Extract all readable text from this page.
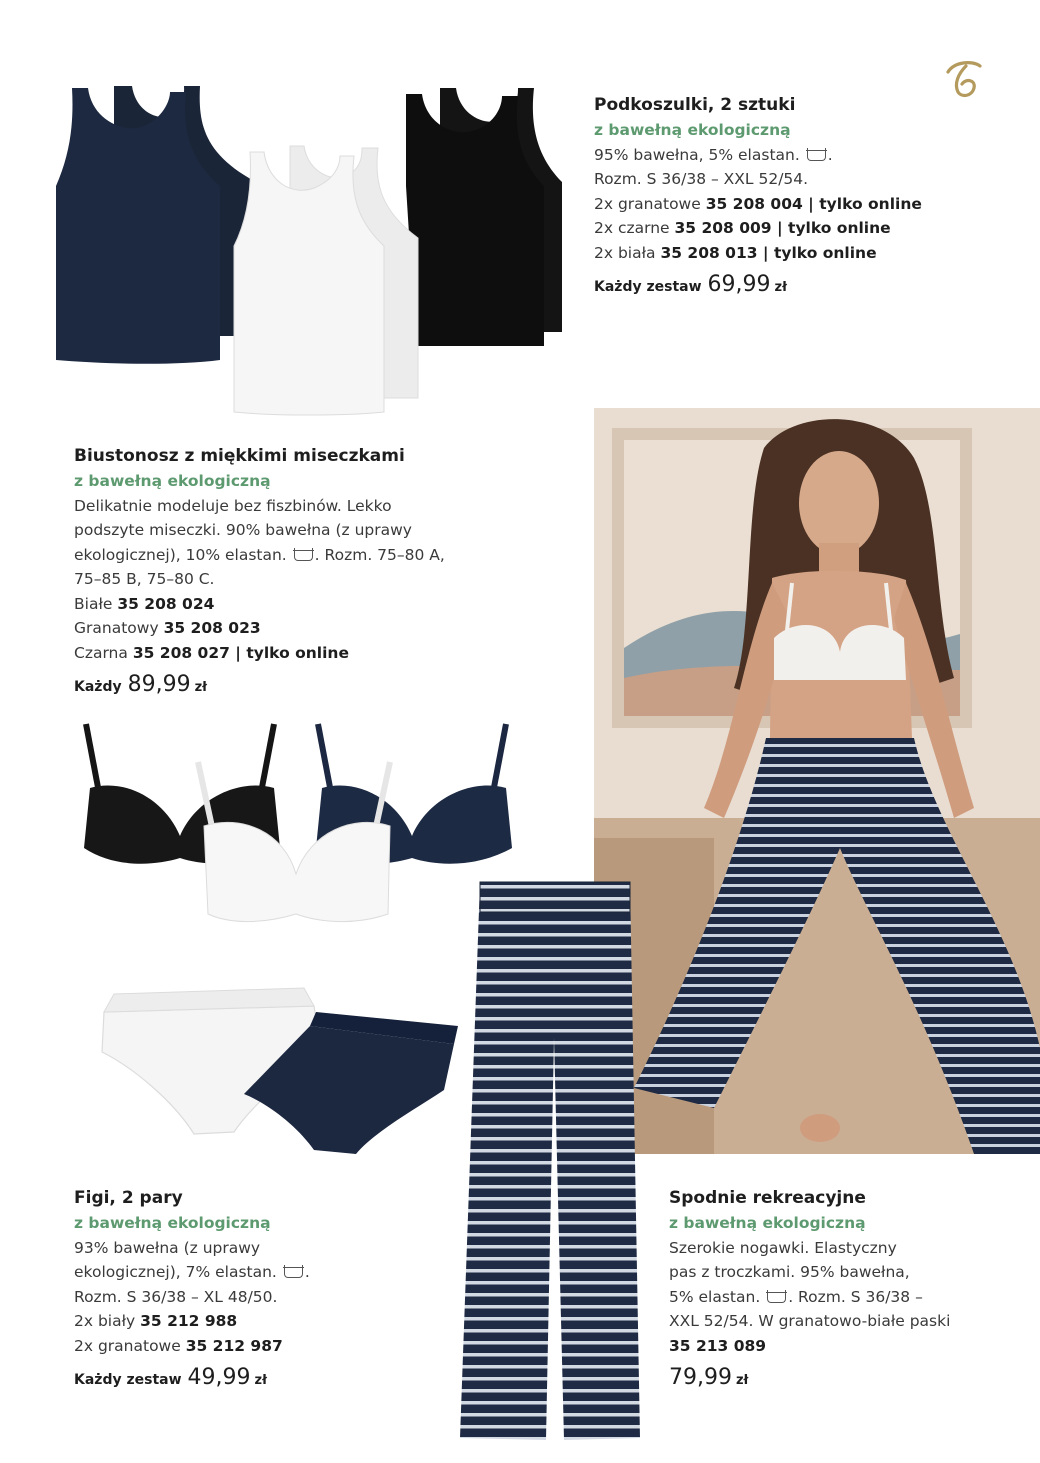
Podkoszulki, 2 sztuki
z bawełną ekologiczną
95% bawełna, 5% elastan. .
Rozm. S 36/38 – XXL 52/54.
2x granatowe 35 208 004 | tylko online
2x czarne 35 208 009 | tylko online
2x biała 35 208 013 | tylko online
Każdy zestaw 69,99 zł
Biustonosz z miękkimi miseczkami
z bawełną ekologiczną
Delikatnie modeluje bez fiszbinów. Lekko
podszyte miseczki. 90% bawełna (z uprawy
ekologicznej), 10% elastan. . Rozm. 75–80 A,
75–85 B, 75–80 C.
Białe 35 208 024
Granatowy 35 208 023
Czarna 35 208 027 | tylko online
Każdy 89,99 zł
Figi, 2 pary
z bawełną ekologiczną
93% bawełna (z uprawy
ekologicznej), 7% elastan. .
Rozm. S 36/38 – XL 48/50.
2x biały 35 212 988
2x granatowe 35 212 987
Każdy zestaw 49,99 zł
Spodnie rekreacyjne
z bawełną ekologiczną
Szerokie nogawki. Elastyczny
pas z troczkami. 95% bawełna,
5% elastan. . Rozm. S 36/38 –
XXL 52/54. W granatowo-białe paski
35 213 089
79,99 zł
